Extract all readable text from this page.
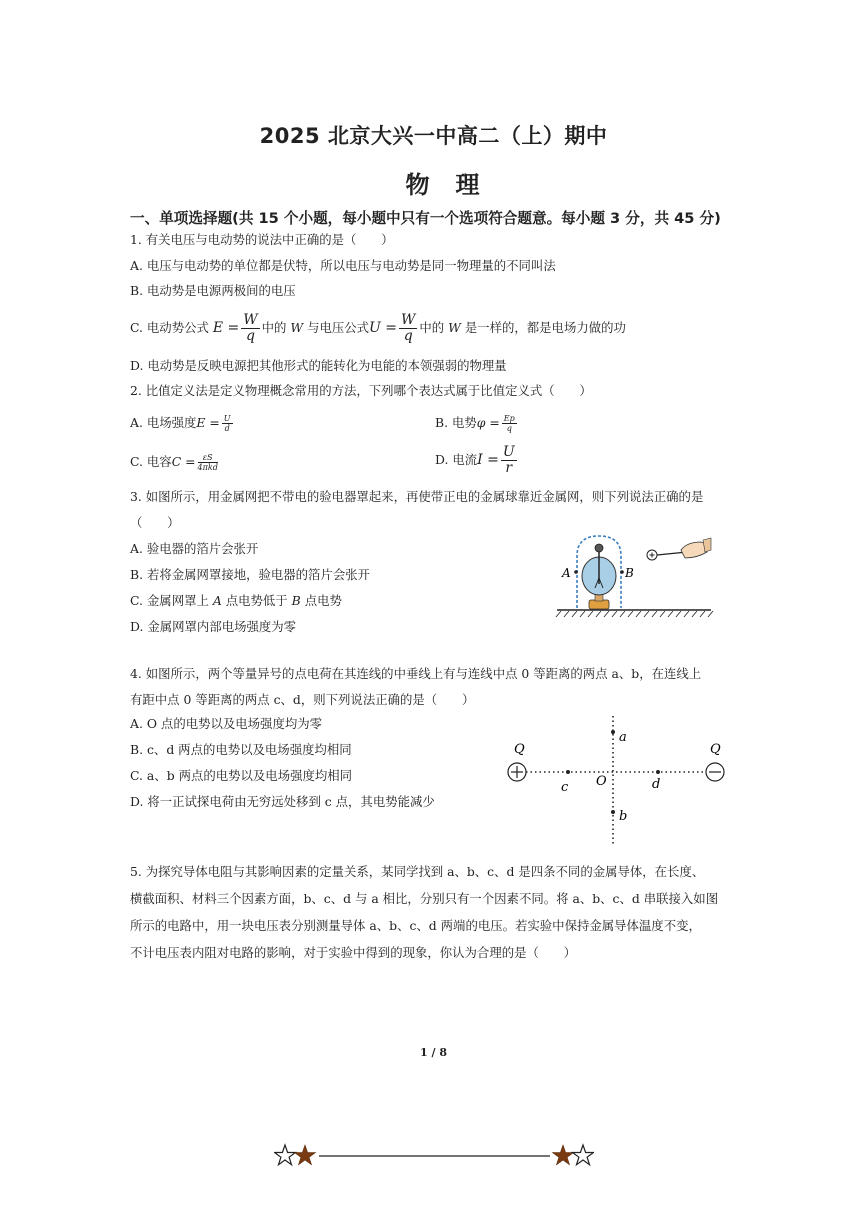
2025 北京大兴一中高二（上）期中
物理
一、单项选择题(共 15 个小题，每小题中只有一个选项符合题意。每小题 3 分，共 45 分)
1. 有关电压与电动势的说法中正确的是（　　）
A. 电压与电动势的单位都是伏特，所以电压与电动势是同一物理量的不同叫法
B. 电动势是电源两极间的电压
C. 电动势公式 $E = \frac{W}{q}$ 中的 W 与电压公式$U = \frac{W}{q}$ 中的 W 是一样的，都是电场力做的功
D. 电动势是反映电源把其他形式的能转化为电能的本领强弱的物理量
2. 比值定义法是定义物理概念常用的方法，下列哪个表达式属于比值定义式（　　）
A. 电场强度$E = \frac{U}{d}$	B. 电势$\varphi = \frac{Ep}{q}$
C. 电容$C = \frac{\varepsilon S}{\text{4πkd}}$	D. 电流$I = \frac{U}{r}$
3. 如图所示，用金属网把不带电的验电器罩起来，再使带正电的金属球靠近金属网，则下列说法正确的是
（　　）
A. 验电器的箔片会张开
B. 若将金属网罩接地，验电器的箔片会张开
C. 金属网罩上 A 点电势低于 B 点电势
D. 金属网罩内部电场强度为零
A	B
4. 如图所示，两个等量异号的点电荷在其连线的中垂线上有与连线中点 0 等距离的两点 a、b，在连线上
有距中点 0 等距离的两点 c、d，则下列说法正确的是（　　）
A. O 点的电势以及电场强度均为零
B. c、d 两点的电势以及电场强度均相同
C. a、b 两点的电势以及电场强度均相同
D. 将一正试探电荷由无穷远处移到 c 点，其电势能减少
Q	Q
a
b
c	d
O
5. 为探究导体电阻与其影响因素的定量关系，某同学找到 a、b、c、d 是四条不同的金属导体，在长度、
横截面积、材料三个因素方面，b、c、d 与 a 相比，分别只有一个因素不同。将 a、b、c、d 串联接入如图
所示的电路中，用一块电压表分别测量导体 a、b、c、d 两端的电压。若实验中保持金属导体温度不变，
不计电压表内阻对电路的影响，对于实验中得到的现象，你认为合理的是（　　）
1 / 8
